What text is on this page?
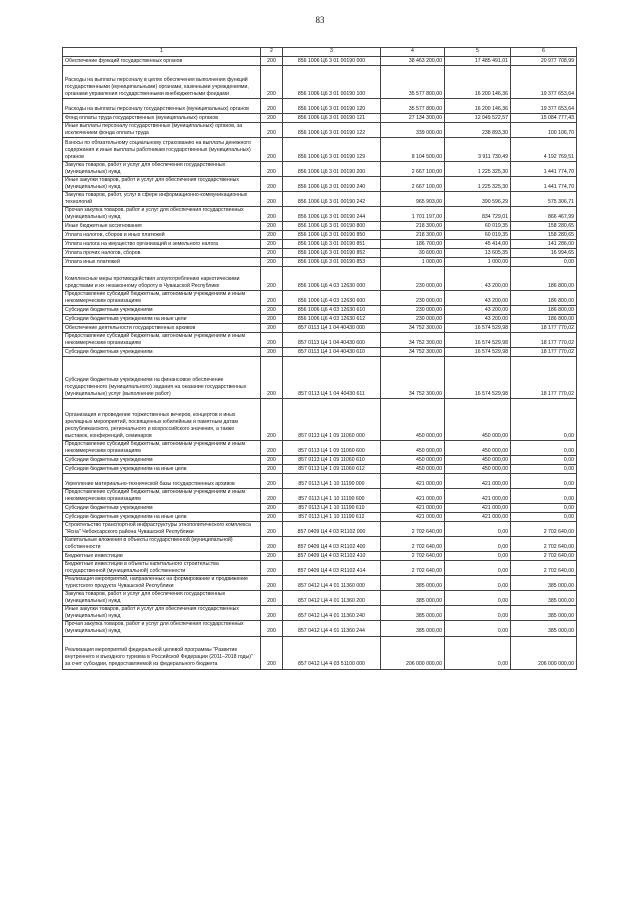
83
1	2	3	4	5	6
Обеспечение функций государственных органов	200	856 1006 Ц6 3 01 00190 000	38 463 200,00	17 485 491,01	20 977 708,99
Расходы на выплаты персоналу в целях обеспечения выполнения функций государственными (муниципальными) органами, казенными учреждениями, органами управления государственными внебюджетными фондами	200	856 1006 Ц6 3 01 00190 100	35 577 800,00	16 200 146,36	19 377 653,64
Расходы на выплаты персоналу государственных (муниципальных) органов	200	856 1006 Ц6 3 01 00190 120	35 577 800,00	16 200 146,36	19 377 653,64
Фонд оплаты труда государственных (муниципальных) органов	200	856 1006 Ц6 3 01 00190 121	27 134 300,00	12 049 522,57	15 084 777,43
Иные выплаты персоналу государственных (муниципальных) органов, за исключением фонда оплаты труда	200	856 1006 Ц6 3 01 00190 122	339 000,00	238 893,30	100 106,70
Взносы по обязательному социальному страхованию на выплаты денежного содержания и иные выплаты работникам государственных (муниципальных) органов	200	856 1006 Ц6 3 01 00190 129	8 104 500,00	3 911 730,49	4 192 769,51
Закупка товаров, работ и услуг для обеспечения государственных (муниципальных) нужд	200	856 1006 Ц6 3 01 00190 200	2 667 100,00	1 225 325,30	1 441 774,70
Иные закупки товаров, работ и услуг для обеспечения государственных (муниципальных) нужд	200	856 1006 Ц6 3 01 00190 240	2 667 100,00	1 225 325,30	1 441 774,70
Закупка товаров, работ, услуг в сфере информационно-коммуникационных технологий	200	856 1006 Ц6 3 01 00190 242	965 903,00	390 596,29	575 306,71
Прочая закупка товаров, работ и услуг для обеспечения государственных (муниципальных) нужд	200	856 1006 Ц6 3 01 00190 244	1 701 197,00	834 729,01	866 467,99
Иные бюджетные ассигнования	200	856 1006 Ц6 3 01 00190 800	218 300,00	60 019,35	158 280,65
Уплата налогов, сборов и иных платежей	200	856 1006 Ц6 3 01 00190 850	218 300,00	60 019,35	158 280,65
Уплата налога на имущество организаций и земельного налога	200	856 1006 Ц6 3 01 00190 851	186 700,00	45 414,00	141 286,00
Уплата прочих налогов, сборов	200	856 1006 Ц6 3 01 00190 852	30 600,00	13 605,35	16 994,65
Уплата иных платежей	200	856 1006 Ц6 3 01 00190 853	1 000,00	1 000,00	0,00
Комплексные меры противодействия злоупотреблению наркотическими средствами и их незаконному обороту в Чувашской Республике	200	856 1006 Ц6 4 03 12630 000	230 000,00	43 200,00	186 800,00
Предоставление субсидий бюджетным, автономным учреждениям и иным некоммерческим организациям	200	856 1006 Ц6 4 03 12630 600	230 000,00	43 200,00	186 800,00
Субсидии бюджетным учреждениям	200	856 1006 Ц6 4 03 12630 610	230 000,00	43 200,00	186 800,00
Субсидии бюджетным учреждениям на иные цели	200	856 1006 Ц6 4 03 12630 612	230 000,00	43 200,00	186 800,00
Обеспечение деятельности государственных архивов	200	857 0113 Ц4 1 04 40430 000	34 752 300,00	16 574 529,98	18 177 770,02
Предоставление субсидий бюджетным, автономным учреждениям и иным некоммерческим организациям	200	857 0113 Ц4 1 04 40430 600	34 752 300,00	16 574 529,98	18 177 770,02
Субсидии бюджетным учреждениям	200	857 0113 Ц4 1 04 40430 610	34 752 300,00	16 574 529,98	18 177 770,02
Субсидии бюджетным учреждениям на финансовое обеспечение государственного (муниципального) задания на оказание государственных (муниципальных) услуг (выполнение работ)	200	857 0113 Ц4 1 04 40430 611	34 752 300,00	16 574 529,98	18 177 770,02
Организация и проведение торжественных вечеров, концертов и иных зрелищных мероприятий, посвященных юбилейным и памятным датам республиканского, регионального и всероссийского значения, а также выставок, конференций, семинаров	200	857 0113 Ц4 1 09 11060 000	450 000,00	450 000,00	0,00
Предоставление субсидий бюджетным, автономным учреждениям и иным некоммерческим организациям	200	857 0113 Ц4 1 09 11060 600	450 000,00	450 000,00	0,00
Субсидии бюджетным учреждениям	200	857 0113 Ц4 1 09 11060 610	450 000,00	450 000,00	0,00
Субсидии бюджетным учреждениям на иные цели	200	857 0113 Ц4 1 09 11060 612	450 000,00	450 000,00	0,00
Укрепление материально-технической базы государственных архивов	200	857 0113 Ц4 1 10 11190 000	421 000,00	421 000,00	0,00
Предоставление субсидий бюджетным, автономным учреждениям и иным некоммерческим организациям	200	857 0113 Ц4 1 10 11190 600	421 000,00	421 000,00	0,00
Субсидии бюджетным учреждениям	200	857 0113 Ц4 1 10 11190 610	421 000,00	421 000,00	0,00
Субсидии бюджетным учреждениям на иные цели	200	857 0113 Ц4 1 10 11190 612	421 000,00	421 000,00	0,00
Строительство транспортной инфраструктуры этнополитического комплекса "Ясна" Чебоксарского района Чувашской Республики	200	857 0409 Ц4 4 03 R1102 000	2 702 640,00	0,00	2 702 640,00
Капитальные вложения в объекты государственной (муниципальной) собственности	200	857 0409 Ц4 4 03 R1102 400	2 702 640,00	0,00	2 702 640,00
Бюджетные инвестиции	200	857 0409 Ц4 4 03 R1102 410	2 702 640,00	0,00	2 702 640,00
Бюджетные инвестиции в объекты капитального строительства государственной (муниципальной) собственности	200	857 0409 Ц4 4 03 R1102 414	2 702 640,00	0,00	2 702 640,00
Реализация мероприятий, направленных на формирование и продвижение туристского продукта Чувашской Республики	200	857 0412 Ц4 4 01 11360 000	385 000,00	0,00	385 000,00
Закупка товаров, работ и услуг для обеспечения государственных (муниципальных) нужд	200	857 0412 Ц4 4 01 11360 200	385 000,00	0,00	385 000,00
Иные закупки товаров, работ и услуг для обеспечения государственных (муниципальных) нужд	200	857 0412 Ц4 4 01 11360 240	385 000,00	0,00	385 000,00
Прочая закупка товаров, работ и услуг для обеспечения государственных (муниципальных) нужд	200	857 0412 Ц4 4 01 11360 244	385 000,00	0,00	385 000,00
Реализация мероприятий федеральной целевой программы "Развитие внутреннего и въездного туризма в Российской Федерации (2011–2018 годы)" за счет субсидии, предоставляемой из федерального бюджета	200	857 0412 Ц4 4 03 51100 000	206 000 000,00	0,00	206 000 000,00
